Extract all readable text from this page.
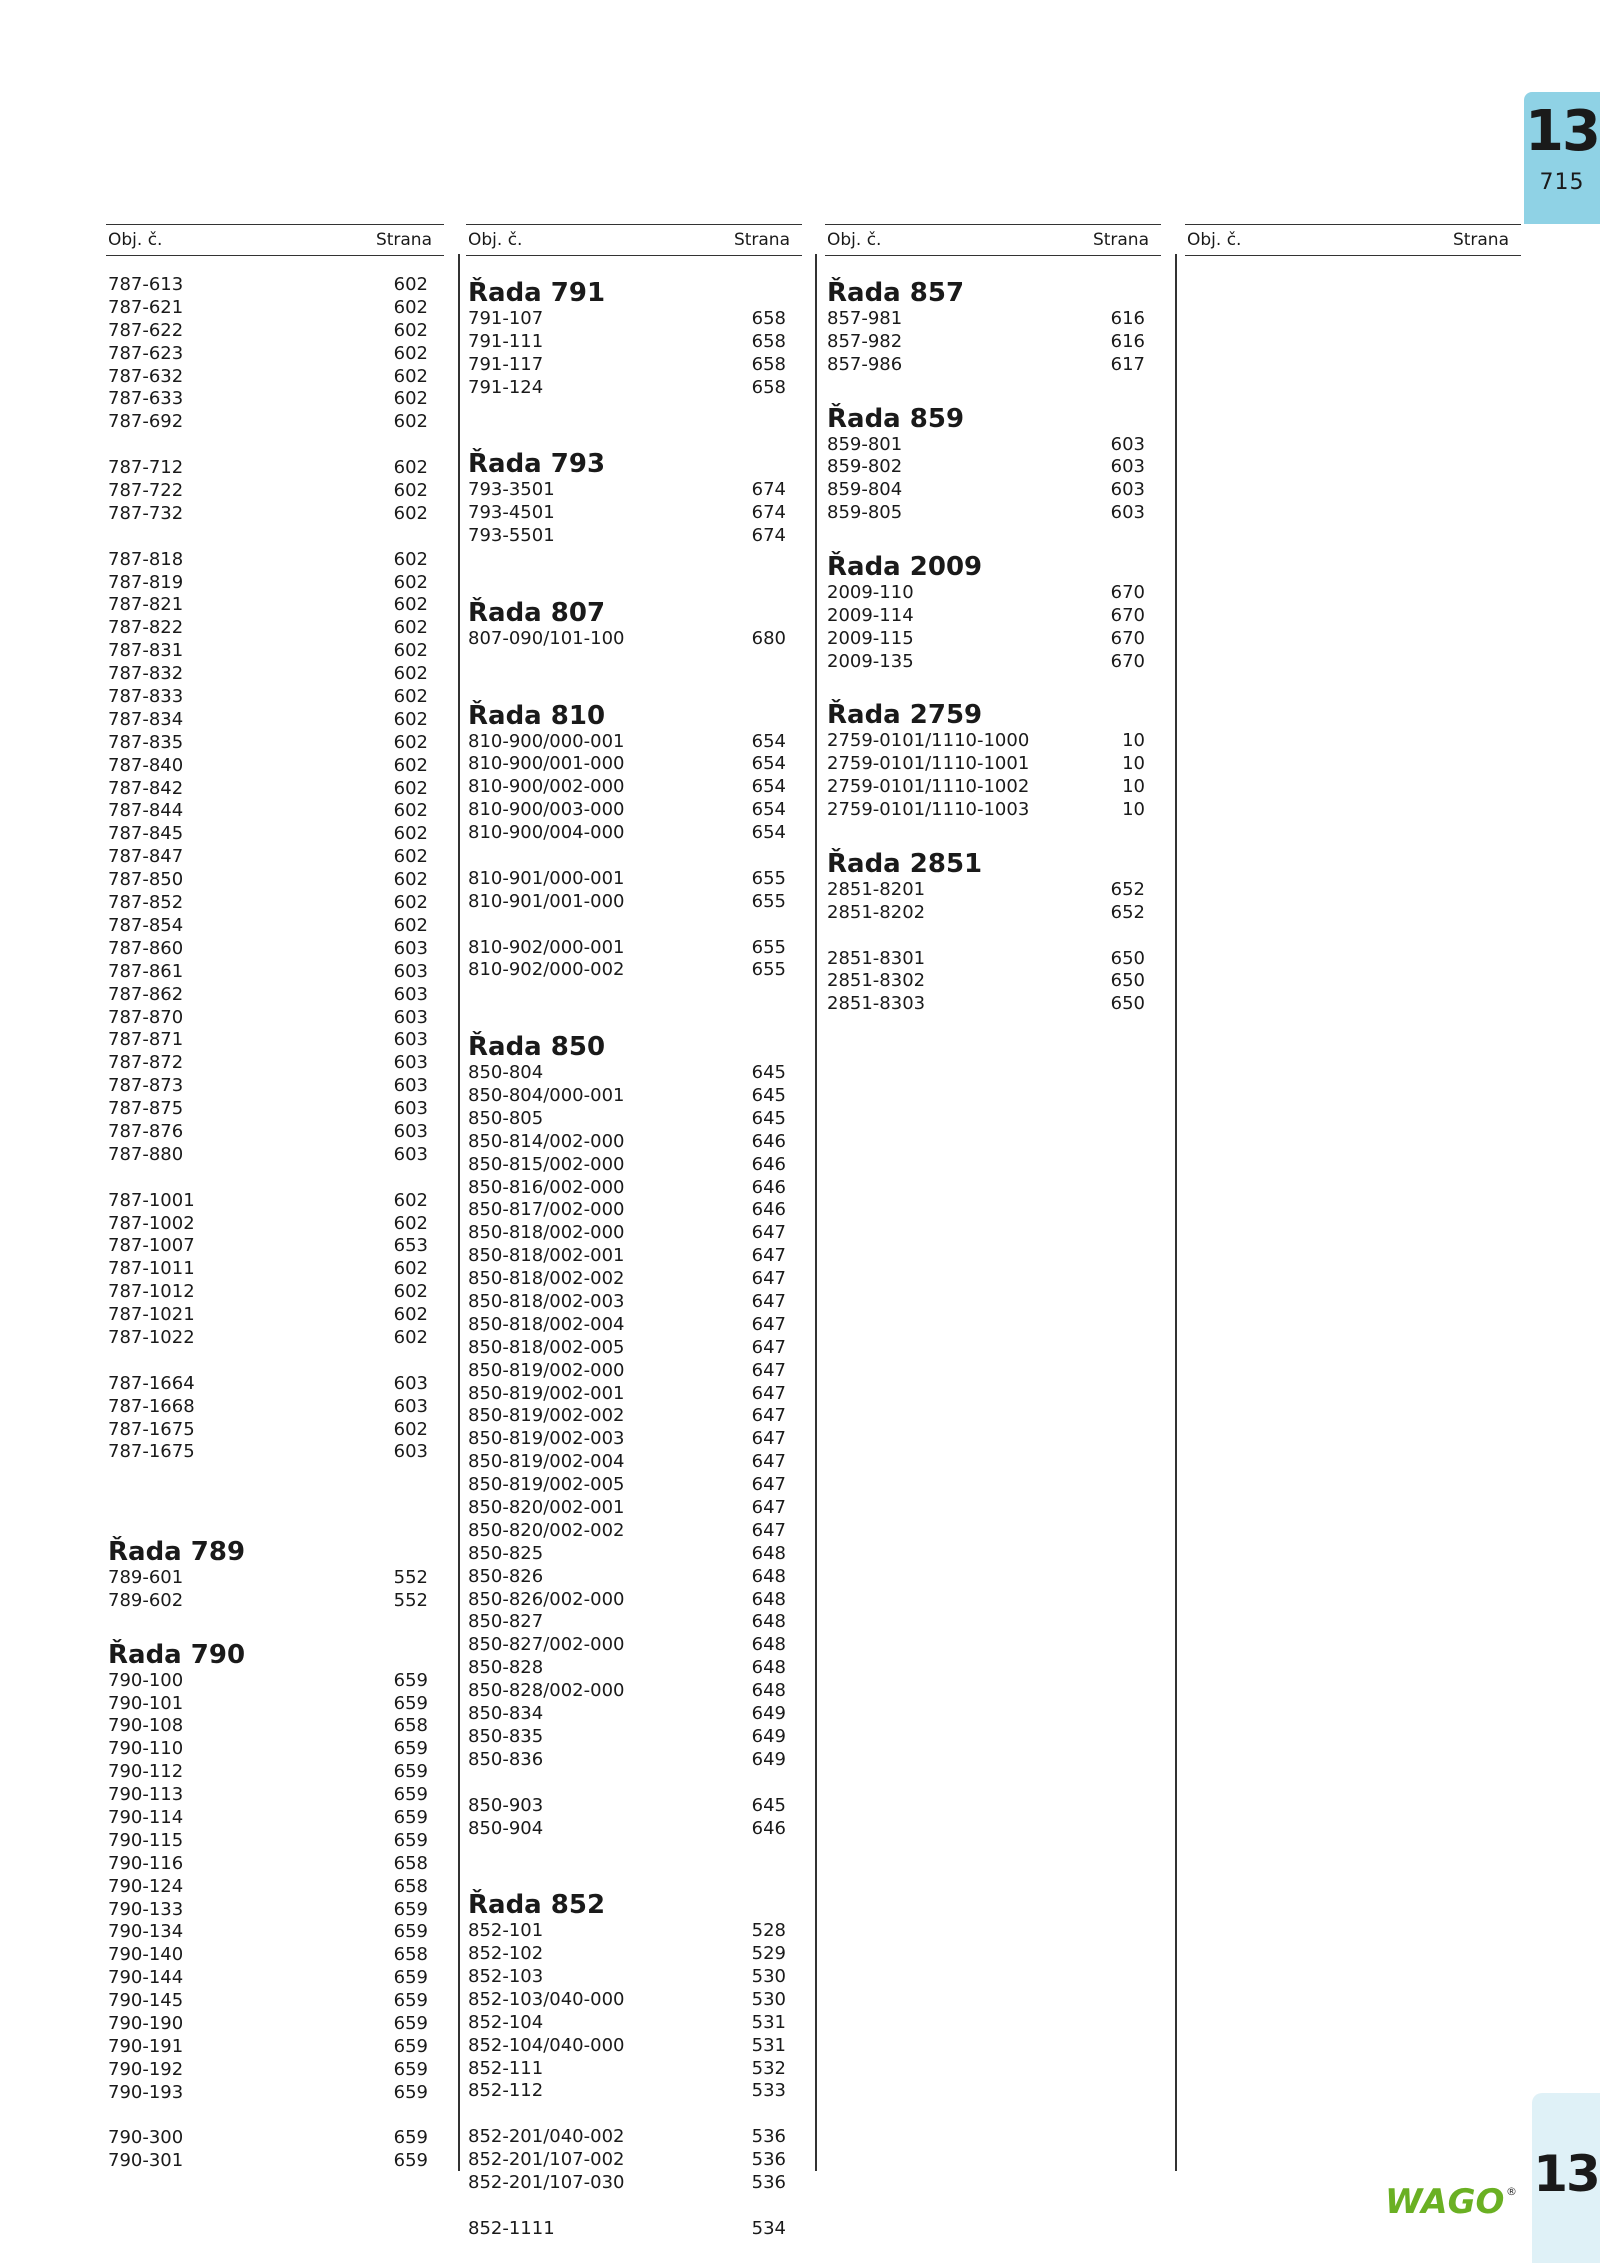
13
715
Obj. č.	Strana
787-613	602
787-621	602
787-622	602
787-623	602
787-632	602
787-633	602
787-692	602
787-712	602
787-722	602
787-732	602
787-818	602
787-819	602
787-821	602
787-822	602
787-831	602
787-832	602
787-833	602
787-834	602
787-835	602
787-840	602
787-842	602
787-844	602
787-845	602
787-847	602
787-850	602
787-852	602
787-854	602
787-860	603
787-861	603
787-862	603
787-870	603
787-871	603
787-872	603
787-873	603
787-875	603
787-876	603
787-880	603
787-1001	602
787-1002	602
787-1007	653
787-1011	602
787-1012	602
787-1021	602
787-1022	602
787-1664	603
787-1668	603
787-1675	602
787-1675	603
Řada 789
789-601	552
789-602	552
Řada 790
790-100	659
790-101	659
790-108	658
790-110	659
790-112	659
790-113	659
790-114	659
790-115	659
790-116	658
790-124	658
790-133	659
790-134	659
790-140	658
790-144	659
790-145	659
790-190	659
790-191	659
790-192	659
790-193	659
790-300	659
790-301	659
Obj. č.	Strana
Řada 791
791-107	658
791-111	658
791-117	658
791-124	658
Řada 793
793-3501	674
793-4501	674
793-5501	674
Řada 807
807-090/101-100	680
Řada 810
810-900/000-001	654
810-900/001-000	654
810-900/002-000	654
810-900/003-000	654
810-900/004-000	654
810-901/000-001	655
810-901/001-000	655
810-902/000-001	655
810-902/000-002	655
Řada 850
850-804	645
850-804/000-001	645
850-805	645
850-814/002-000	646
850-815/002-000	646
850-816/002-000	646
850-817/002-000	646
850-818/002-000	647
850-818/002-001	647
850-818/002-002	647
850-818/002-003	647
850-818/002-004	647
850-818/002-005	647
850-819/002-000	647
850-819/002-001	647
850-819/002-002	647
850-819/002-003	647
850-819/002-004	647
850-819/002-005	647
850-820/002-001	647
850-820/002-002	647
850-825	648
850-826	648
850-826/002-000	648
850-827	648
850-827/002-000	648
850-828	648
850-828/002-000	648
850-834	649
850-835	649
850-836	649
850-903	645
850-904	646
Řada 852
852-101	528
852-102	529
852-103	530
852-103/040-000	530
852-104	531
852-104/040-000	531
852-111	532
852-112	533
852-201/040-002	536
852-201/107-002	536
852-201/107-030	536
852-1111	534
Obj. č.	Strana
Řada 857
857-981	616
857-982	616
857-986	617
Řada 859
859-801	603
859-802	603
859-804	603
859-805	603
Řada 2009
2009-110	670
2009-114	670
2009-115	670
2009-135	670
Řada 2759
2759-0101/1110-1000	10
2759-0101/1110-1001	10
2759-0101/1110-1002	10
2759-0101/1110-1003	10
Řada 2851
2851-8201	652
2851-8202	652
2851-8301	650
2851-8302	650
2851-8303	650
Obj. č.	Strana
WAGO ® 13
